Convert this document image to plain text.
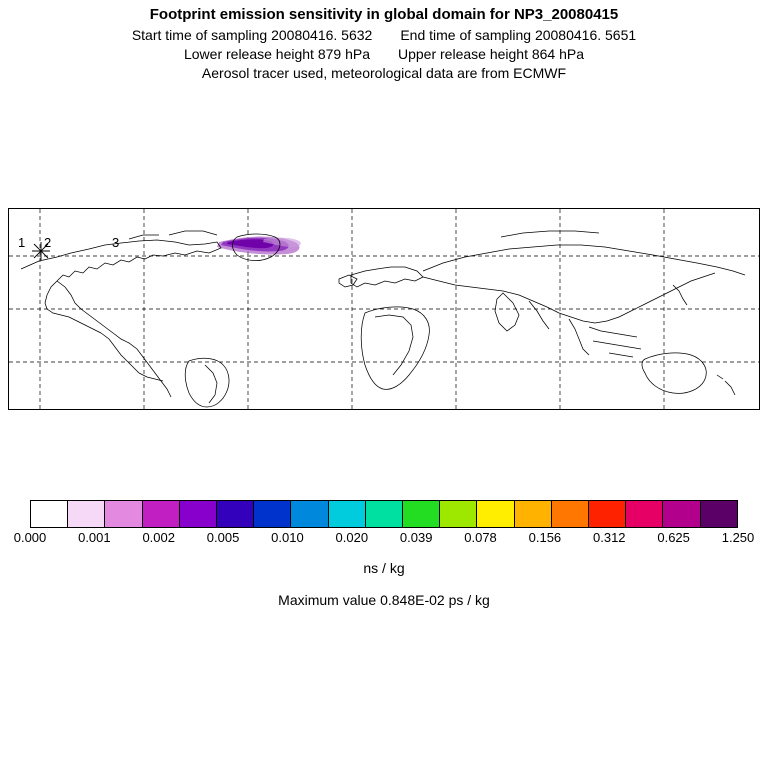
Footprint emission sensitivity in global domain for NP3_20080415
Start time of sampling 20080416. 5632 End time of sampling 20080416. 5651
Lower release height 879 hPa Upper release height 864 hPa
Aerosol tracer used, meteorological data are from ECMWF
1 2	3
0.000 0.001 0.002 0.005 0.010 0.020 0.039 0.078 0.156 0.312 0.625 1.250
ns / kg
Maximum value 0.848E-02 ps / kg
